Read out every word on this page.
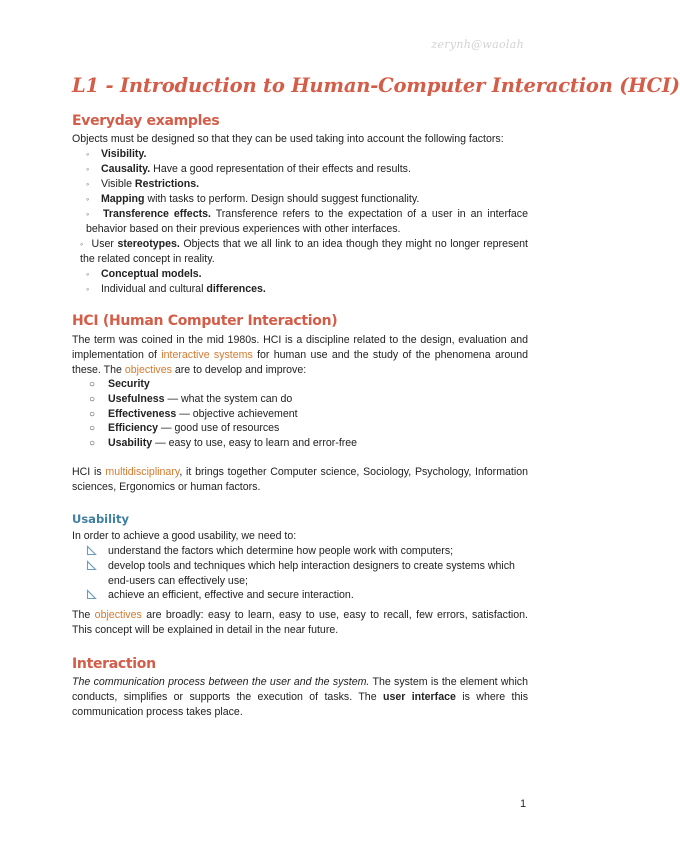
zerynh@waolah
L1 - Introduction to Human-Computer Interaction (HCI)
Everyday examples
Objects must be designed so that they can be used taking into account the following factors:
◦ Visibility.
◦ Causality. Have a good representation of their effects and results.
◦ Visible Restrictions.
◦ Mapping with tasks to perform. Design should suggest functionality.
◦ Transference effects. Transference refers to the expectation of a user in an interface behavior based on their previous experiences with other interfaces.
◦ User stereotypes. Objects that we all link to an idea though they might no longer represent the related concept in reality.
◦ Conceptual models.
◦ Individual and cultural differences.
HCI (Human Computer Interaction)
The term was coined in the mid 1980s. HCI is a discipline related to the design, evaluation and implementation of interactive systems for human use and the study of the phenomena around these. The objectives are to develop and improve:
○ Security
○ Usefulness — what the system can do
○ Effectiveness — objective achievement
○ Efficiency — good use of resources
○ Usability — easy to use, easy to learn and error-free
HCI is multidisciplinary, it brings together Computer science, Sociology, Psychology, Information sciences, Ergonomics or human factors.
Usability
In order to achieve a good usability, we need to:
understand the factors which determine how people work with computers;
develop tools and techniques which help interaction designers to create systems which end-users can effectively use;
achieve an efficient, effective and secure interaction.
The objectives are broadly: easy to learn, easy to use, easy to recall, few errors, satisfaction. This concept will be explained in detail in the near future.
Interaction
The communication process between the user and the system. The system is the element which conducts, simplifies or supports the execution of tasks. The user interface is where this communication process takes place.
1
